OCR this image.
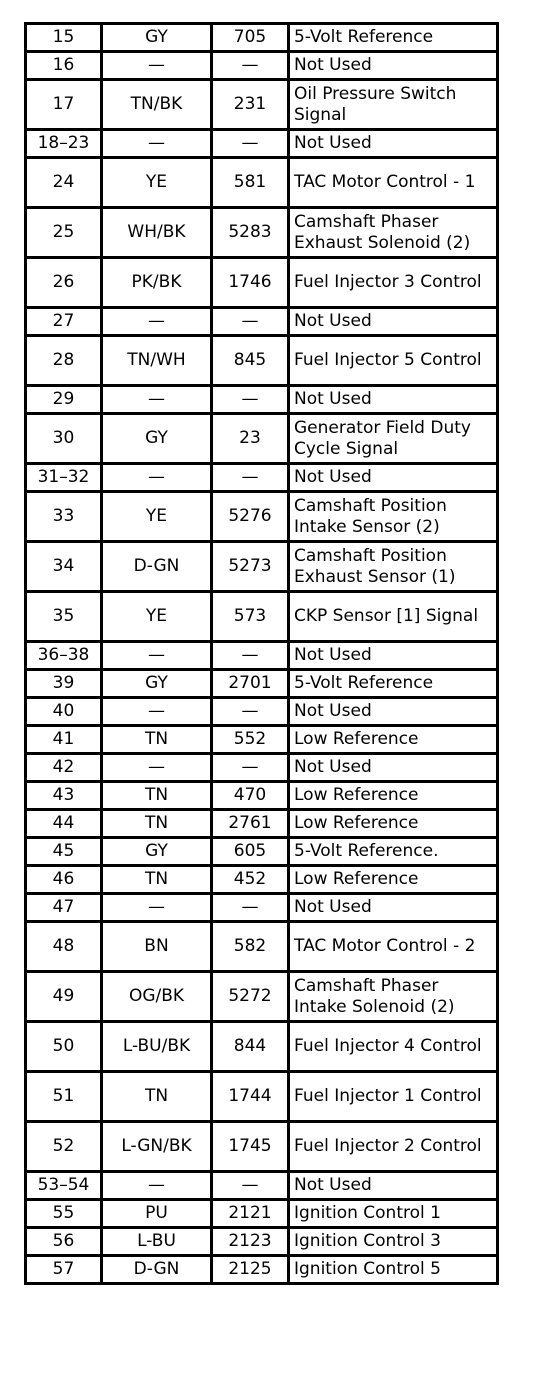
15	GY	705	5-Volt Reference
16	—	—	Not Used
17	TN/BK	231	Oil Pressure Switch Signal
18–23	—	—	Not Used
24	YE	581	TAC Motor Control - 1
25	WH/BK	5283	Camshaft Phaser Exhaust Solenoid (2)
26	PK/BK	1746	Fuel Injector 3 Control
27	—	—	Not Used
28	TN/WH	845	Fuel Injector 5 Control
29	—	—	Not Used
30	GY	23	Generator Field Duty Cycle Signal
31–32	—	—	Not Used
33	YE	5276	Camshaft Position Intake Sensor (2)
34	D-GN	5273	Camshaft Position Exhaust Sensor (1)
35	YE	573	CKP Sensor [1] Signal
36–38	—	—	Not Used
39	GY	2701	5-Volt Reference
40	—	—	Not Used
41	TN	552	Low Reference
42	—	—	Not Used
43	TN	470	Low Reference
44	TN	2761	Low Reference
45	GY	605	5-Volt Reference.
46	TN	452	Low Reference
47	—	—	Not Used
48	BN	582	TAC Motor Control - 2
49	OG/BK	5272	Camshaft Phaser Intake Solenoid (2)
50	L-BU/BK	844	Fuel Injector 4 Control
51	TN	1744	Fuel Injector 1 Control
52	L-GN/BK	1745	Fuel Injector 2 Control
53–54	—	—	Not Used
55	PU	2121	Ignition Control 1
56	L-BU	2123	Ignition Control 3
57	D-GN	2125	Ignition Control 5
